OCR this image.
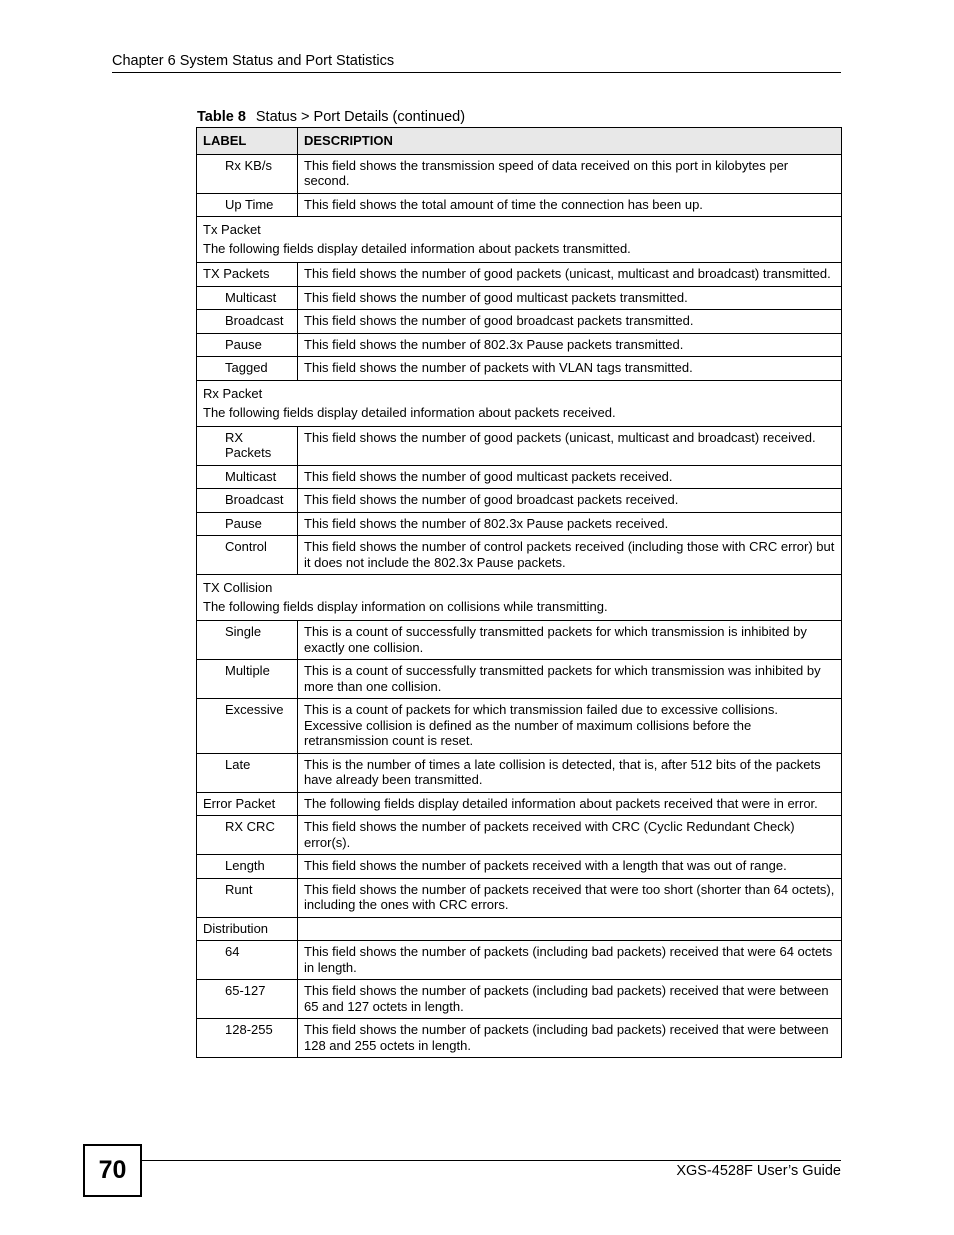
Chapter 6 System Status and Port Statistics
Table 8 Status > Port Details (continued)
LABEL	DESCRIPTION
Rx KB/s	This field shows the transmission speed of data received on this port in kilobytes per second.
Up Time	This field shows the total amount of time the connection has been up.

Tx Packet
The following fields display detailed information about packets transmitted.	

TX Packets	This field shows the number of good packets (unicast, multicast and broadcast) transmitted.
Multicast	This field shows the number of good multicast packets transmitted.
Broadcast	This field shows the number of good broadcast packets transmitted.
Pause	This field shows the number of 802.3x Pause packets transmitted.
Tagged	This field shows the number of packets with VLAN tags transmitted.

Rx Packet
The following fields display detailed information about packets received.	

RX Packets	This field shows the number of good packets (unicast, multicast and broadcast) received.
Multicast	This field shows the number of good multicast packets received.
Broadcast	This field shows the number of good broadcast packets received.
Pause	This field shows the number of 802.3x Pause packets received.
Control	This field shows the number of control packets received (including those with CRC error) but it does not include the 802.3x Pause packets.

TX Collision
The following fields display information on collisions while transmitting.	

Single	This is a count of successfully transmitted packets for which transmission is inhibited by exactly one collision.
Multiple	This is a count of successfully transmitted packets for which transmission was inhibited by more than one collision.
Excessive	This is a count of packets for which transmission failed due to excessive collisions. Excessive collision is defined as the number of maximum collisions before the retransmission count is reset.
Late	This is the number of times a late collision is detected, that is, after 512 bits of the packets have already been transmitted.
Error Packet	The following fields display detailed information about packets received that were in error.
RX CRC	This field shows the number of packets received with CRC (Cyclic Redundant Check) error(s).
Length	This field shows the number of packets received with a length that was out of range.
Runt	This field shows the number of packets received that were too short (shorter than 64 octets), including the ones with CRC errors.
Distribution	
64	This field shows the number of packets (including bad packets) received that were 64 octets in length.
65-127	This field shows the number of packets (including bad packets) received that were between 65 and 127 octets in length.
128-255	This field shows the number of packets (including bad packets) received that were between 128 and 255 octets in length.
70	XGS-4528F User’s Guide
